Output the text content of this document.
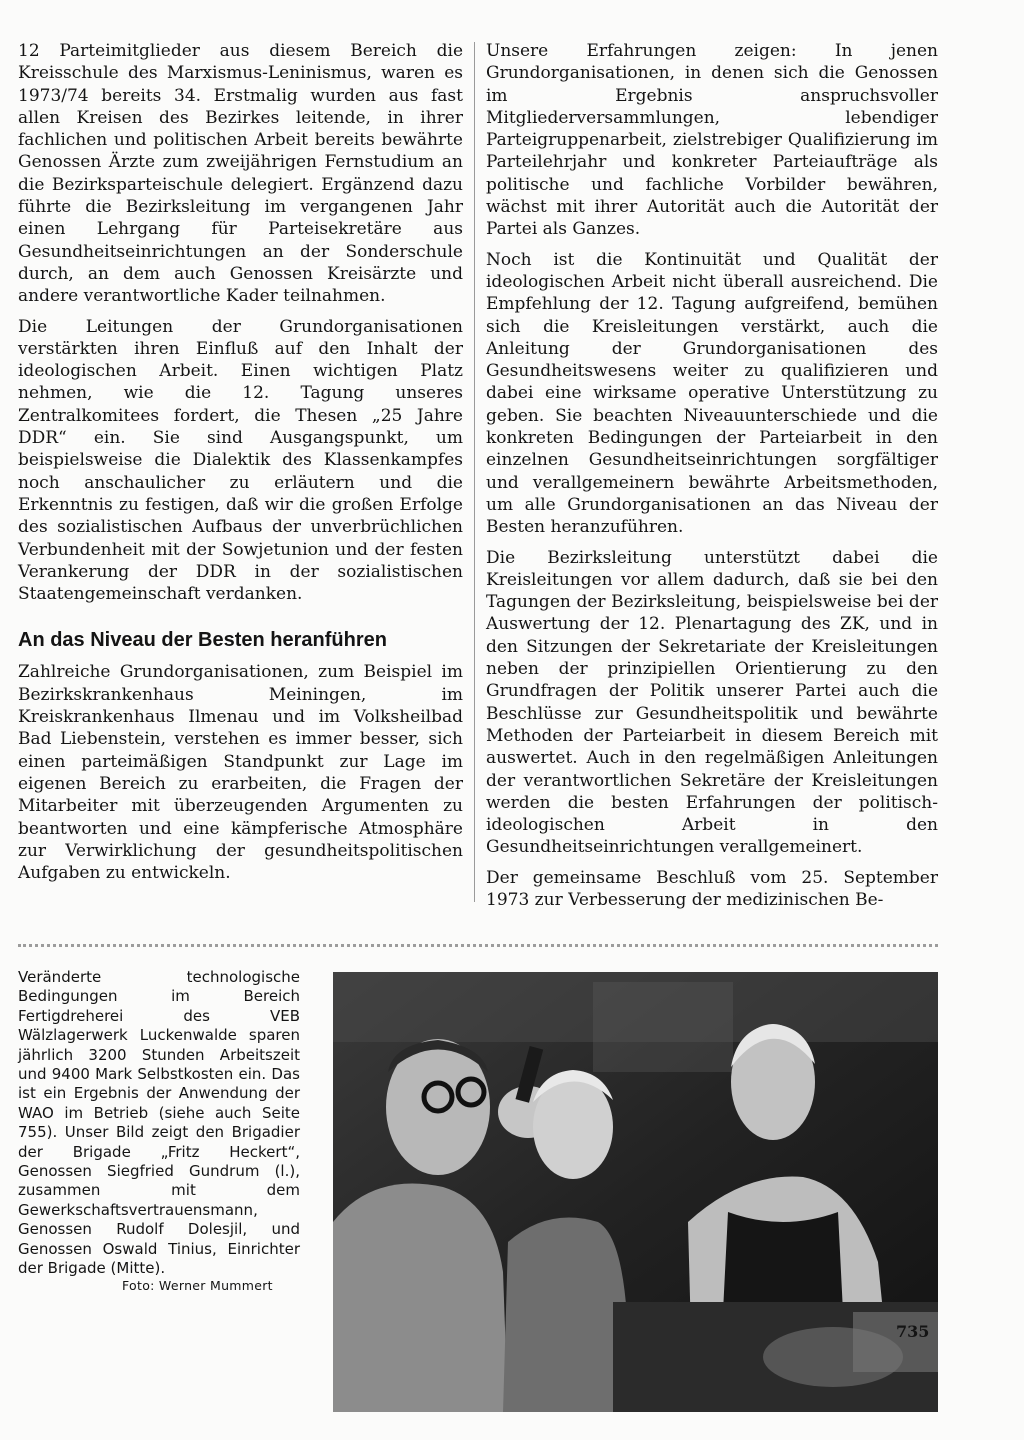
12 Parteimitglieder aus diesem Bereich die Kreisschule des Marxismus-Leninismus, waren es 1973/74 bereits 34. Erstmalig wurden aus fast allen Kreisen des Bezirkes leitende, in ihrer fachlichen und politischen Arbeit bereits bewährte Genossen Ärzte zum zweijährigen Fernstudium an die Bezirksparteischule delegiert. Ergänzend dazu führte die Bezirksleitung im vergangenen Jahr einen Lehrgang für Parteisekretäre aus Gesundheitseinrichtungen an der Sonderschule durch, an dem auch Genossen Kreisärzte und andere verantwortliche Kader teilnahmen.

Die Leitungen der Grundorganisationen verstärkten ihren Einfluß auf den Inhalt der ideologischen Arbeit. Einen wichtigen Platz nehmen, wie die 12. Tagung unseres Zentralkomitees fordert, die Thesen „25 Jahre DDR“ ein. Sie sind Ausgangspunkt, um beispielsweise die Dialektik des Klassenkampfes noch anschaulicher zu erläutern und die Erkenntnis zu festigen, daß wir die großen Erfolge des sozialistischen Aufbaus der unverbrüchlichen Verbundenheit mit der Sowjetunion und der festen Verankerung der DDR in der sozialistischen Staatengemeinschaft verdanken.

An das Niveau der Besten heranführen

Zahlreiche Grundorganisationen, zum Beispiel im Bezirkskrankenhaus Meiningen, im Kreiskrankenhaus Ilmenau und im Volksheilbad Bad Liebenstein, verstehen es immer besser, sich einen parteimäßigen Standpunkt zur Lage im eigenen Bereich zu erarbeiten, die Fragen der Mitarbeiter mit überzeugenden Argumenten zu beantworten und eine kämpferische Atmosphäre zur Verwirklichung der gesundheitspolitischen Aufgaben zu entwickeln.

Unsere Erfahrungen zeigen: In jenen Grundorganisationen, in denen sich die Genossen im Ergebnis anspruchsvoller Mitgliederversammlungen, lebendiger Parteigruppenarbeit, zielstrebiger Qualifizierung im Parteilehrjahr und konkreter Parteiaufträge als politische und fachliche Vorbilder bewähren, wächst mit ihrer Autorität auch die Autorität der Partei als Ganzes.

Noch ist die Kontinuität und Qualität der ideologischen Arbeit nicht überall ausreichend. Die Empfehlung der 12. Tagung aufgreifend, bemühen sich die Kreisleitungen verstärkt, auch die Anleitung der Grundorganisationen des Gesundheitswesens weiter zu qualifizieren und dabei eine wirksame operative Unterstützung zu geben. Sie beachten Niveauunterschiede und die konkreten Bedingungen der Parteiarbeit in den einzelnen Gesundheitseinrichtungen sorgfältiger und verallgemeinern bewährte Arbeitsmethoden, um alle Grundorganisationen an das Niveau der Besten heranzuführen.

Die Bezirksleitung unterstützt dabei die Kreisleitungen vor allem dadurch, daß sie bei den Tagungen der Bezirksleitung, beispielsweise bei der Auswertung der 12. Plenartagung des ZK, und in den Sitzungen der Sekretariate der Kreisleitungen neben der prinzipiellen Orientierung zu den Grundfragen der Politik unserer Partei auch die Beschlüsse zur Gesundheitspolitik und bewährte Methoden der Parteiarbeit in diesem Bereich mit auswertet. Auch in den regelmäßigen Anleitungen der verantwortlichen Sekretäre der Kreisleitungen werden die besten Erfahrungen der politisch-ideologischen Arbeit in den Gesundheitseinrichtungen verallgemeinert.

Der gemeinsame Beschluß vom 25. September 1973 zur Verbesserung der medizinischen Be-

Veränderte technologische Bedingungen im Bereich Fertigdreherei des VEB Wälzlagerwerk Luckenwalde sparen jährlich 3200 Stunden Arbeitszeit und 9400 Mark Selbstkosten ein. Das ist ein Ergebnis der Anwendung der WAO im Betrieb (siehe auch Seite 755). Unser Bild zeigt den Brigadier der Brigade „Fritz Heckert“, Genossen Siegfried Gundrum (l.), zusammen mit dem Gewerkschaftsvertrauensmann, Genossen Rudolf Dolesjil, und Genossen Oswald Tinius, Einrichter der Brigade (Mitte).
Foto: Werner Mummert
735
